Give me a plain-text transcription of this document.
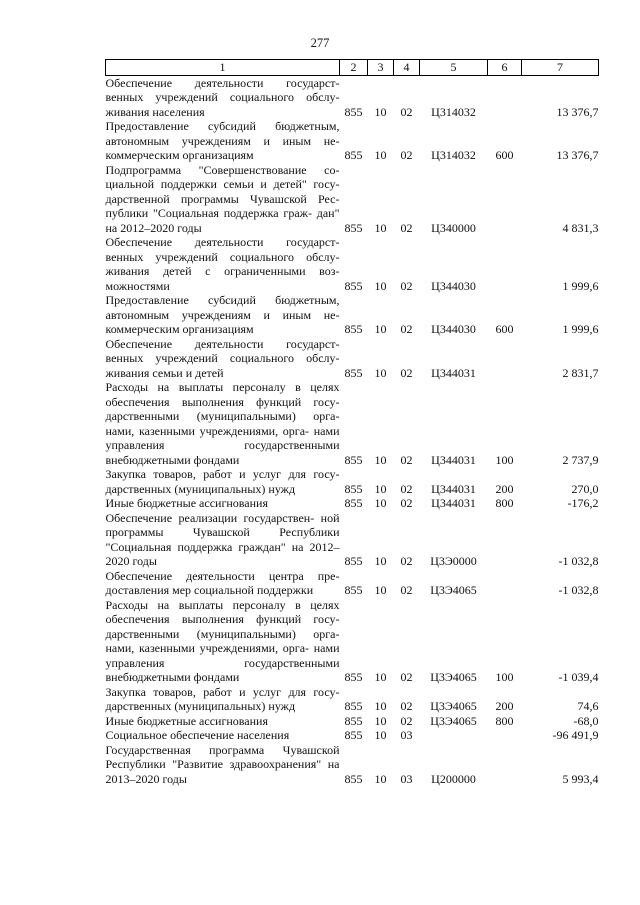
277
1	2	3	4	5	6	7
Обеспечение деятельности государст- венных учреждений социального обслу- живания населения	855	10	02	Ц314032		13 376,7
Предоставление субсидий бюджетным, автономным учреждениям и иным не- коммерческим организациям	855	10	02	Ц314032	600	13 376,7
Подпрограмма "Совершенствование со- циальной поддержки семьи и детей" госу- дарственной программы Чувашской Рес- публики "Социальная поддержка граж- дан" на 2012–2020 годы	855	10	02	Ц340000		4 831,3
Обеспечение деятельности государст- венных учреждений социального обслу- живания детей с ограниченными воз- можностями	855	10	02	Ц344030		1 999,6
Предоставление субсидий бюджетным, автономным учреждениям и иным не- коммерческим организациям	855	10	02	Ц344030	600	1 999,6
Обеспечение деятельности государст- венных учреждений социального обслу- живания семьи и детей	855	10	02	Ц344031		2 831,7
Расходы на выплаты персоналу в целях обеспечения выполнения функций госу- дарственными (муниципальными) орга- нами, казенными учреждениями, орга- нами управления государственными внебюджетными фондами	855	10	02	Ц344031	100	2 737,9
Закупка товаров, работ и услуг для госу- дарственных (муниципальных) нужд	855	10	02	Ц344031	200	270,0
Иные бюджетные ассигнования	855	10	02	Ц344031	800	-176,2
Обеспечение реализации государствен- ной программы Чувашской Республики "Социальная поддержка граждан" на 2012–2020 годы	855	10	02	Ц3Э0000		-1 032,8
Обеспечение деятельности центра пре- доставления мер социальной поддержки	855	10	02	Ц3Э4065		-1 032,8
Расходы на выплаты персоналу в целях обеспечения выполнения функций госу- дарственными (муниципальными) орга- нами, казенными учреждениями, орга- нами управления государственными внебюджетными фондами	855	10	02	Ц3Э4065	100	-1 039,4
Закупка товаров, работ и услуг для госу- дарственных (муниципальных) нужд	855	10	02	Ц3Э4065	200	74,6
Иные бюджетные ассигнования	855	10	02	Ц3Э4065	800	-68,0
Социальное обеспечение населения	855	10	03			-96 491,9
Государственная программа Чувашской Республики "Развитие здравоохранения" на 2013–2020 годы	855	10	03	Ц200000		5 993,4
